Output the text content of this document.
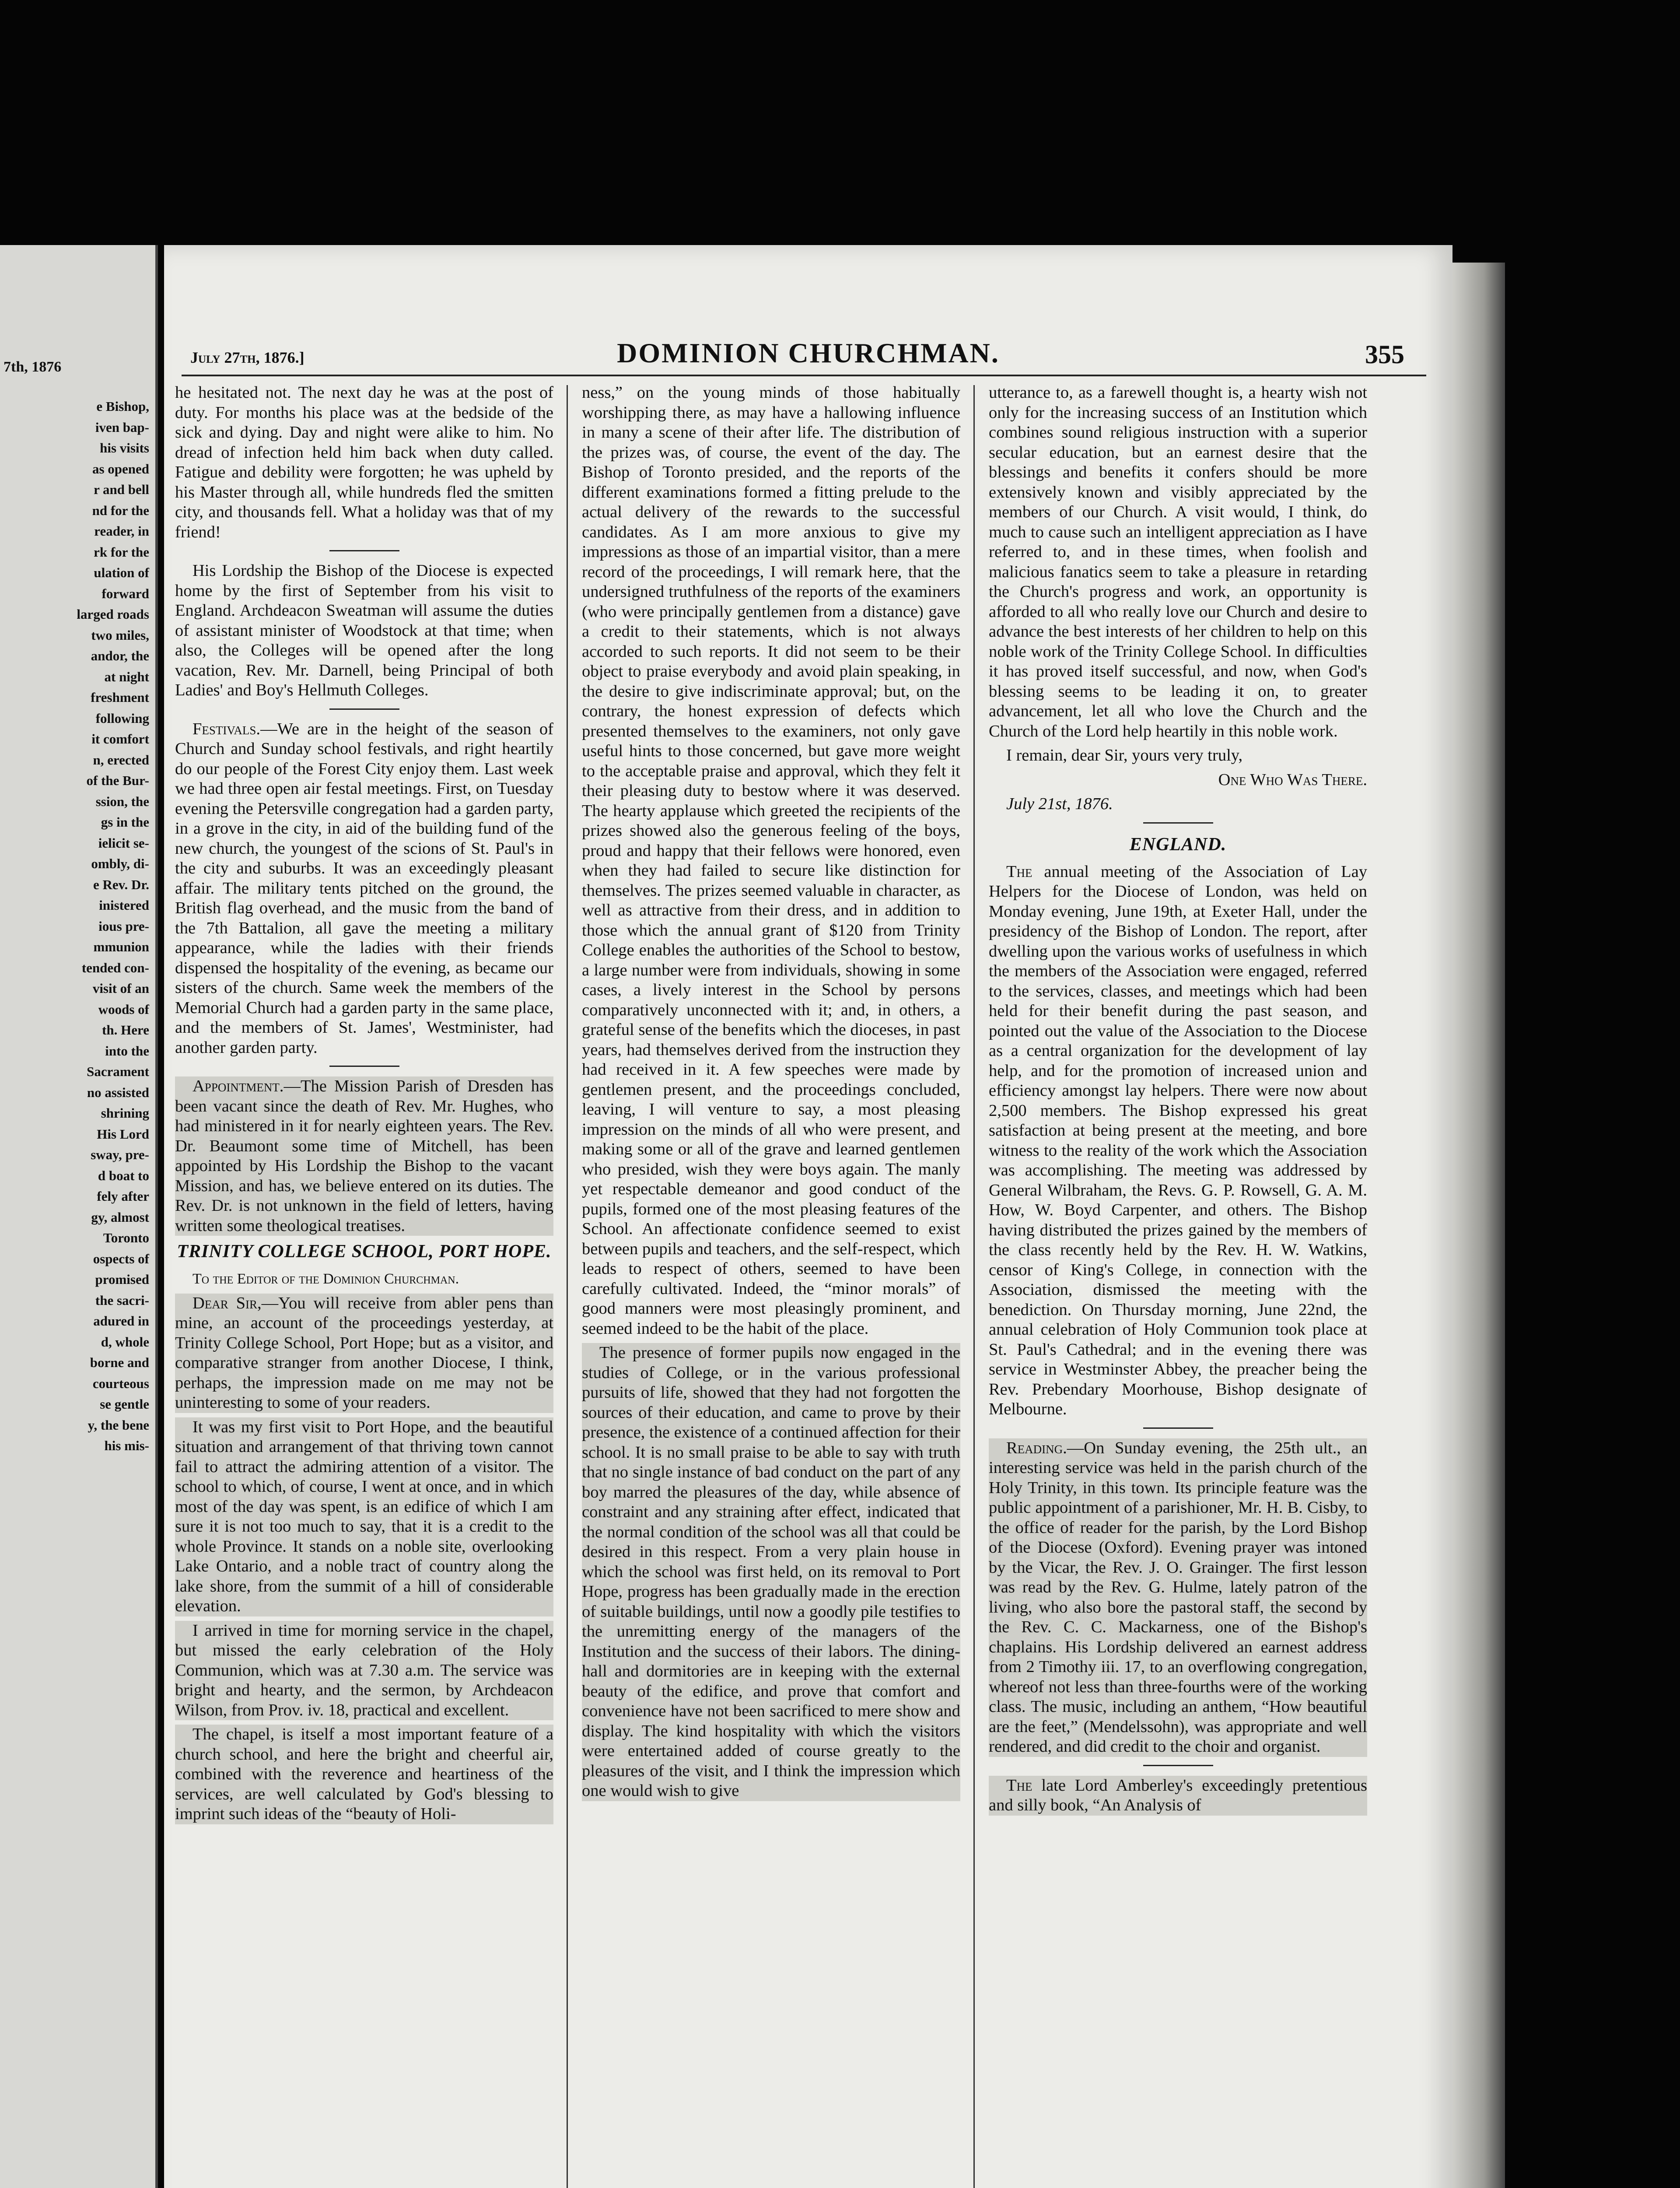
7th, 1876
e Bishop,
iven bap-
his visits
as opened
r and bell
nd for the
reader, in
rk for the
ulation of
forward
larged roads
two miles,
andor, the
at night
freshment
following
it comfort
n, erected
of the Bur-
ssion, the
gs in the
ielicit se-
ombly, di-
e Rev. Dr.
inistered
ious pre-
mmunion
tended con-
visit of an
woods of
th. Here
into the
Sacrament
no assisted
shrining
His Lord
sway, pre-
d boat to
fely after
gy, almost
Toronto
ospects of
promised
the sacri-
adured in
d, whole
borne and
courteous
se gentle
y, the bene
his mis-
July 27th, 1876.]	DOMINION CHURCHMAN.	355

he hesitated not. The next day he was at the post of duty. For months his place was at the bedside of the sick and dying. Day and night were alike to him. No dread of infection held him back when duty called. Fatigue and debility were forgotten; he was upheld by his Master through all, while hundreds fled the smitten city, and thousands fell. What a holiday was that of my friend!

His Lordship the Bishop of the Diocese is expected home by the first of September from his visit to England. Archdeacon Sweatman will assume the duties of assistant minister of Woodstock at that time; when also, the Colleges will be opened after the long vacation, Rev. Mr. Darnell, being Principal of both Ladies' and Boy's Hellmuth Colleges.

Festivals.—We are in the height of the season of Church and Sunday school festivals, and right heartily do our people of the Forest City enjoy them. Last week we had three open air festal meetings. First, on Tuesday evening the Petersville congregation had a garden party, in a grove in the city, in aid of the building fund of the new church, the youngest of the scions of St. Paul's in the city and suburbs. It was an exceedingly pleasant affair. The military tents pitched on the ground, the British flag overhead, and the music from the band of the 7th Battalion, all gave the meeting a military appearance, while the ladies with their friends dispensed the hospitality of the evening, as became our sisters of the church. Same week the members of the Memorial Church had a garden party in the same place, and the members of St. James', Westminister, had another garden party.

Appointment.—The Mission Parish of Dresden has been vacant since the death of Rev. Mr. Hughes, who had ministered in it for nearly eighteen years. The Rev. Dr. Beaumont some time of Mitchell, has been appointed by His Lordship the Bishop to the vacant Mission, and has, we believe entered on its duties. The Rev. Dr. is not unknown in the field of letters, having written some theological treatises.

TRINITY COLLEGE SCHOOL, PORT HOPE.

To the Editor of the Dominion Churchman.

Dear Sir,—You will receive from abler pens than mine, an account of the proceedings yesterday, at Trinity College School, Port Hope; but as a visitor, and comparative stranger from another Diocese, I think, perhaps, the impression made on me may not be uninteresting to some of your readers.

It was my first visit to Port Hope, and the beautiful situation and arrangement of that thriving town cannot fail to attract the admiring attention of a visitor. The school to which, of course, I went at once, and in which most of the day was spent, is an edifice of which I am sure it is not too much to say, that it is a credit to the whole Province. It stands on a noble site, overlooking Lake Ontario, and a noble tract of country along the lake shore, from the summit of a hill of considerable elevation.

I arrived in time for morning service in the chapel, but missed the early celebration of the Holy Communion, which was at 7.30 a.m. The service was bright and hearty, and the sermon, by Archdeacon Wilson, from Prov. iv. 18, practical and excellent.

The chapel, is itself a most important feature of a church school, and here the bright and cheerful air, combined with the reverence and heartiness of the services, are well calculated by God's blessing to imprint such ideas of the “beauty of Holi-

ness,” on the young minds of those habitually worshipping there, as may have a hallowing influence in many a scene of their after life. The distribution of the prizes was, of course, the event of the day. The Bishop of Toronto presided, and the reports of the different examinations formed a fitting prelude to the actual delivery of the rewards to the successful candidates. As I am more anxious to give my impressions as those of an impartial visitor, than a mere record of the proceedings, I will remark here, that the undersigned truthfulness of the reports of the examiners (who were principally gentlemen from a distance) gave a credit to their statements, which is not always accorded to such reports. It did not seem to be their object to praise everybody and avoid plain speaking, in the desire to give indiscriminate approval; but, on the contrary, the honest expression of defects which presented themselves to the examiners, not only gave useful hints to those concerned, but gave more weight to the acceptable praise and approval, which they felt it their pleasing duty to bestow where it was deserved. The hearty applause which greeted the recipients of the prizes showed also the generous feeling of the boys, proud and happy that their fellows were honored, even when they had failed to secure like distinction for themselves. The prizes seemed valuable in character, as well as attractive from their dress, and in addition to those which the annual grant of $120 from Trinity College enables the authorities of the School to bestow, a large number were from individuals, showing in some cases, a lively interest in the School by persons comparatively unconnected with it; and, in others, a grateful sense of the benefits which the dioceses, in past years, had themselves derived from the instruction they had received in it. A few speeches were made by gentlemen present, and the proceedings concluded, leaving, I will venture to say, a most pleasing impression on the minds of all who were present, and making some or all of the grave and learned gentlemen who presided, wish they were boys again. The manly yet respectable demeanor and good conduct of the pupils, formed one of the most pleasing features of the School. An affectionate confidence seemed to exist between pupils and teachers, and the self-respect, which leads to respect of others, seemed to have been carefully cultivated. Indeed, the “minor morals” of good manners were most pleasingly prominent, and seemed indeed to be the habit of the place.

The presence of former pupils now engaged in the studies of College, or in the various professional pursuits of life, showed that they had not forgotten the sources of their education, and came to prove by their presence, the existence of a continued affection for their school. It is no small praise to be able to say with truth that no single instance of bad conduct on the part of any boy marred the pleasures of the day, while absence of constraint and any straining after effect, indicated that the normal condition of the school was all that could be desired in this respect. From a very plain house in which the school was first held, on its removal to Port Hope, progress has been gradually made in the erection of suitable buildings, until now a goodly pile testifies to the unremitting energy of the managers of the Institution and the success of their labors. The dining-hall and dormitories are in keeping with the external beauty of the edifice, and prove that comfort and convenience have not been sacrificed to mere show and display. The kind hospitality with which the visitors were entertained added of course greatly to the pleasures of the visit, and I think the impression which one would wish to give

utterance to, as a farewell thought is, a hearty wish not only for the increasing success of an Institution which combines sound religious instruction with a superior secular education, but an earnest desire that the blessings and benefits it confers should be more extensively known and visibly appreciated by the members of our Church. A visit would, I think, do much to cause such an intelligent appreciation as I have referred to, and in these times, when foolish and malicious fanatics seem to take a pleasure in retarding the Church's progress and work, an opportunity is afforded to all who really love our Church and desire to advance the best interests of her children to help on this noble work of the Trinity College School. In difficulties it has proved itself successful, and now, when God's blessing seems to be leading it on, to greater advancement, let all who love the Church and the Church of the Lord help heartily in this noble work.

I remain, dear Sir, yours very truly,

One Who Was There.

July 21st, 1876.

ENGLAND.

The annual meeting of the Association of Lay Helpers for the Diocese of London, was held on Monday evening, June 19th, at Exeter Hall, under the presidency of the Bishop of London. The report, after dwelling upon the various works of usefulness in which the members of the Association were engaged, referred to the services, classes, and meetings which had been held for their benefit during the past season, and pointed out the value of the Association to the Diocese as a central organization for the development of lay help, and for the promotion of increased union and efficiency amongst lay helpers. There were now about 2,500 members. The Bishop expressed his great satisfaction at being present at the meeting, and bore witness to the reality of the work which the Association was accomplishing. The meeting was addressed by General Wilbraham, the Revs. G. P. Rowsell, G. A. M. How, W. Boyd Carpenter, and others. The Bishop having distributed the prizes gained by the members of the class recently held by the Rev. H. W. Watkins, censor of King's College, in connection with the Association, dismissed the meeting with the benediction. On Thursday morning, June 22nd, the annual celebration of Holy Communion took place at St. Paul's Cathedral; and in the evening there was service in Westminster Abbey, the preacher being the Rev. Prebendary Moorhouse, Bishop designate of Melbourne.

Reading.—On Sunday evening, the 25th ult., an interesting service was held in the parish church of the Holy Trinity, in this town. Its principle feature was the public appointment of a parishioner, Mr. H. B. Cisby, to the office of reader for the parish, by the Lord Bishop of the Diocese (Oxford). Evening prayer was intoned by the Vicar, the Rev. J. O. Grainger. The first lesson was read by the Rev. G. Hulme, lately patron of the living, who also bore the pastoral staff, the second by the Rev. C. C. Mackarness, one of the Bishop's chaplains. His Lordship delivered an earnest address from 2 Timothy iii. 17, to an overflowing congregation, whereof not less than three-fourths were of the working class. The music, including an anthem, “How beautiful are the feet,” (Mendelssohn), was appropriate and well rendered, and did credit to the choir and organist.

The late Lord Amberley's exceedingly pretentious and silly book, “An Analysis of
